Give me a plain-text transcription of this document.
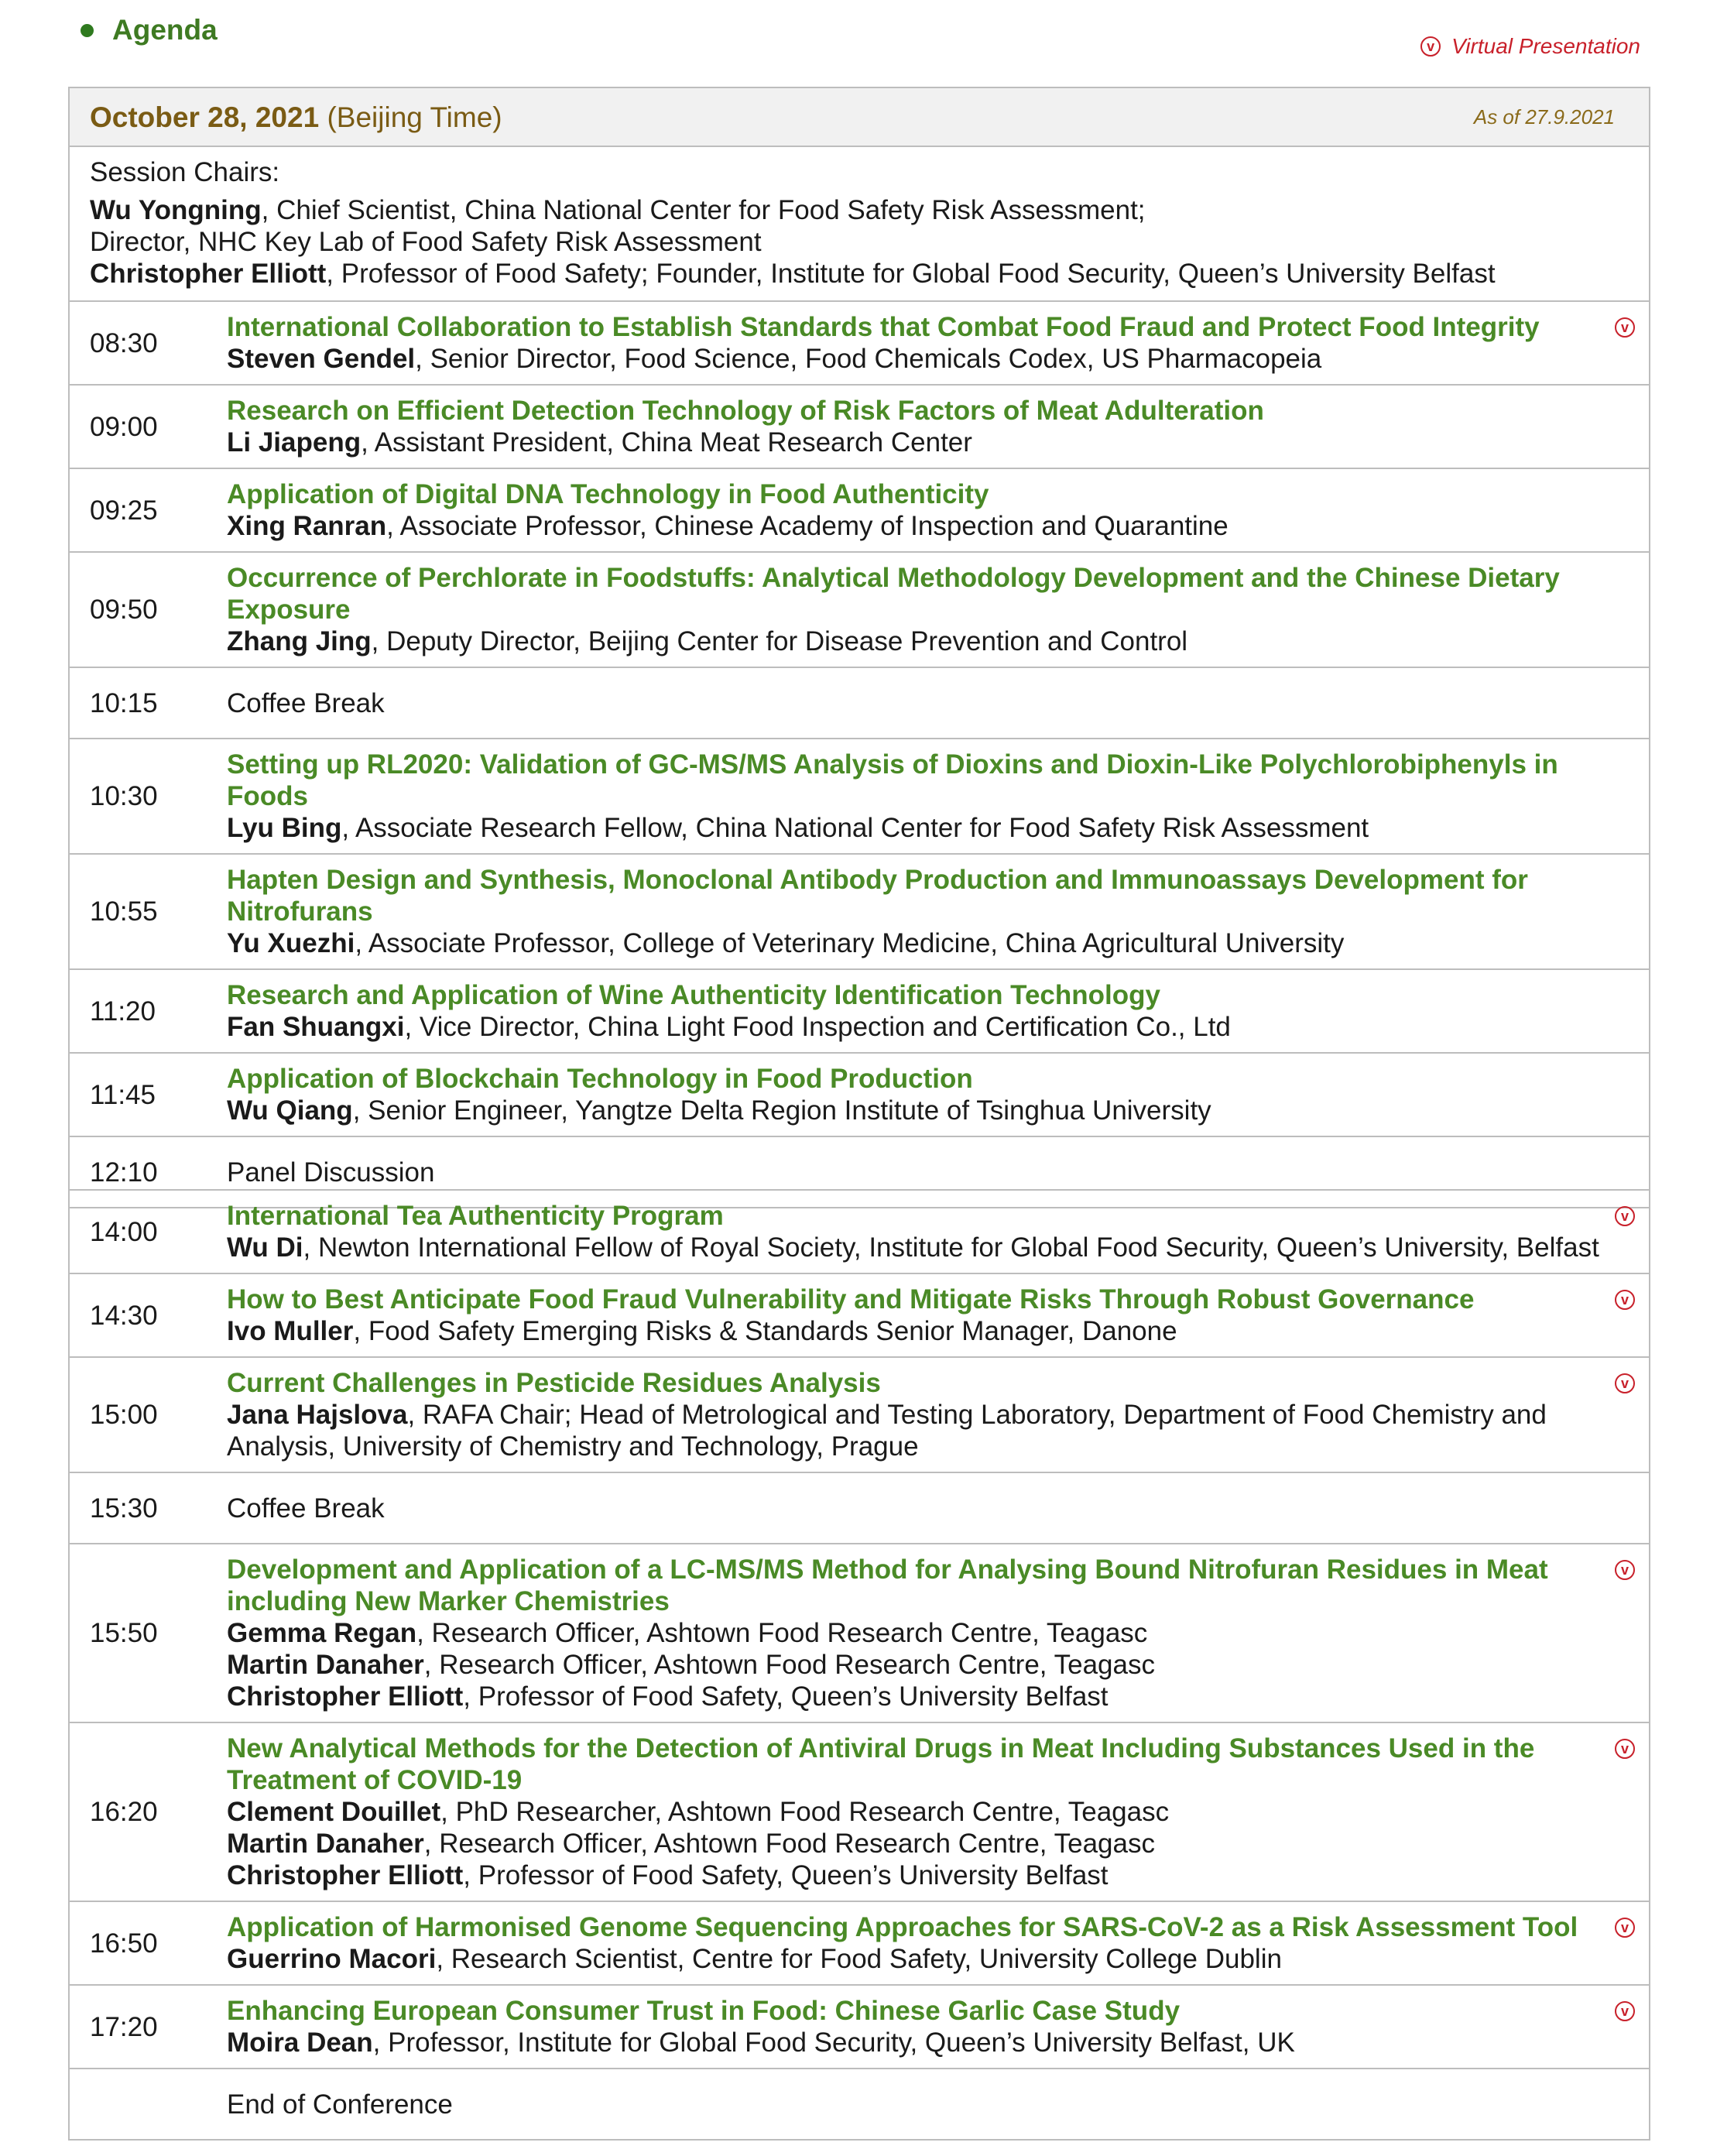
Agenda
v Virtual Presentation
October 28, 2021 (Beijing Time) As of 27.9.2021	

Session Chairs:
Wu Yongning, Chief Scientist, China National Center for Food Safety Risk Assessment;
Director, NHC Key Lab of Food Safety Risk Assessment
Christopher Elliott, Professor of Food Safety; Founder, Institute for Global Food Security, Queen’s University Belfast	

08:30	International Collaboration to Establish Standards that Combat Food Fraud and Protect Food Integrity
Steven Gendel, Senior Director, Food Science, Food Chemicals Codex, US Pharmacopeia
v

09:00	Research on Efficient Detection Technology of Risk Factors of Meat Adulteration
Li Jiapeng, Assistant President, China Meat Research Center

09:25	Application of Digital DNA Technology in Food Authenticity
Xing Ranran, Associate Professor, Chinese Academy of Inspection and Quarantine

09:50	Occurrence of Perchlorate in Foodstuffs: Analytical Methodology Development and the Chinese Dietary Exposure
Zhang Jing, Deputy Director, Beijing Center for Disease Prevention and Control

10:15	Coffee Break
10:30	Setting up RL2020: Validation of GC-MS/MS Analysis of Dioxins and Dioxin-Like Polychlorobiphenyls in Foods
Lyu Bing, Associate Research Fellow, China National Center for Food Safety Risk Assessment

10:55	Hapten Design and Synthesis, Monoclonal Antibody Production and Immunoassays Development for Nitrofurans
Yu Xuezhi, Associate Professor, College of Veterinary Medicine, China Agricultural University

11:20	Research and Application of Wine Authenticity Identification Technology
Fan Shuangxi, Vice Director, China Light Food Inspection and Certification Co., Ltd

11:45	Application of Blockchain Technology in Food Production
Wu Qiang, Senior Engineer, Yangtze Delta Region Institute of Tsinghua University

12:10	Panel Discussion
14:00	International Tea Authenticity Program
Wu Di, Newton International Fellow of Royal Society, Institute for Global Food Security, Queen’s University, Belfast
v

14:30	How to Best Anticipate Food Fraud Vulnerability and Mitigate Risks Through Robust Governance
Ivo Muller, Food Safety Emerging Risks & Standards Senior Manager, Danone
v

15:00	Current Challenges in Pesticide Residues Analysis
Jana Hajslova, RAFA Chair; Head of Metrological and Testing Laboratory, Department of Food Chemistry and Analysis, University of Chemistry and Technology, Prague
v

15:30	Coffee Break
15:50	Development and Application of a LC-MS/MS Method for Analysing Bound Nitrofuran Residues in Meat including New Marker Chemistries
Gemma Regan, Research Officer, Ashtown Food Research Centre, Teagasc
Martin Danaher, Research Officer, Ashtown Food Research Centre, Teagasc
Christopher Elliott, Professor of Food Safety, Queen’s University Belfast
v

16:20	New Analytical Methods for the Detection of Antiviral Drugs in Meat Including Substances Used in the Treatment of COVID-19
Clement Douillet, PhD Researcher, Ashtown Food Research Centre, Teagasc
Martin Danaher, Research Officer, Ashtown Food Research Centre, Teagasc
Christopher Elliott, Professor of Food Safety, Queen’s University Belfast
v

16:50	Application of Harmonised Genome Sequencing Approaches for SARS-CoV-2 as a Risk Assessment Tool
Guerrino Macori, Research Scientist, Centre for Food Safety, University College Dublin
v

17:20	Enhancing European Consumer Trust in Food: Chinese Garlic Case Study
Moira Dean, Professor, Institute for Global Food Security, Queen’s University Belfast, UK
v

	End of Conference
